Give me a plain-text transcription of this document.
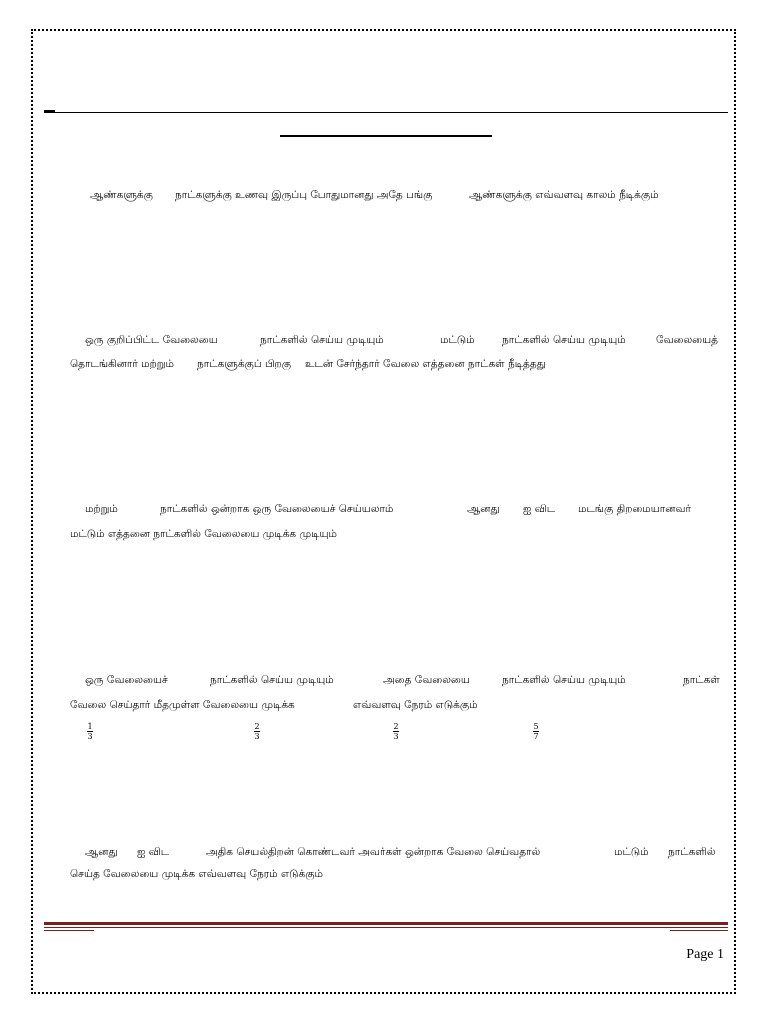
ஆண்களுக்கு நாட்களுக்கு உணவு இருப்பு போதுமானது அதே பங்கு	ஆண்களுக்கு எவ்வளவு காலம் நீடிக்கும்
ஒரு குறிப்பிட்ட வேலையை	நாட்களில் செய்ய முடியும்	மட்டும்	நாட்களில் செய்ய முடியும்	வேலையைத்
தொடங்கினார் மற்றும் நாட்களுக்குப் பிறகு உடன் சேர்ந்தார் வேலை எத்தனை நாட்கள் நீடித்தது
மற்றும்	நாட்களில் ஒன்றாக ஒரு வேலையைச் செய்யலாம்	ஆனது ஐ விட மடங்கு திறமையானவர்
மட்டும் எத்தனை நாட்களில் வேலையை முடிக்க முடியும்
ஒரு வேலையைச்	நாட்களில் செய்ய முடியும்	அதை வேலையை	நாட்களில் செய்ய முடியும்	நாட்கள்
வேலை செய்தார் மீதமுள்ள வேலையை முடிக்க	எவ்வளவு நேரம் எடுக்கும்
1
3
2
3
2
3
5
7
ஆனது ஐ விட	அதிக செயல்திறன் கொண்டவர் அவர்கள் ஒன்றாக வேலை செய்வதால்	மட்டும் நாட்களில்
செய்த வேலையை முடிக்க எவ்வளவு நேரம் எடுக்கும்
Page 1
